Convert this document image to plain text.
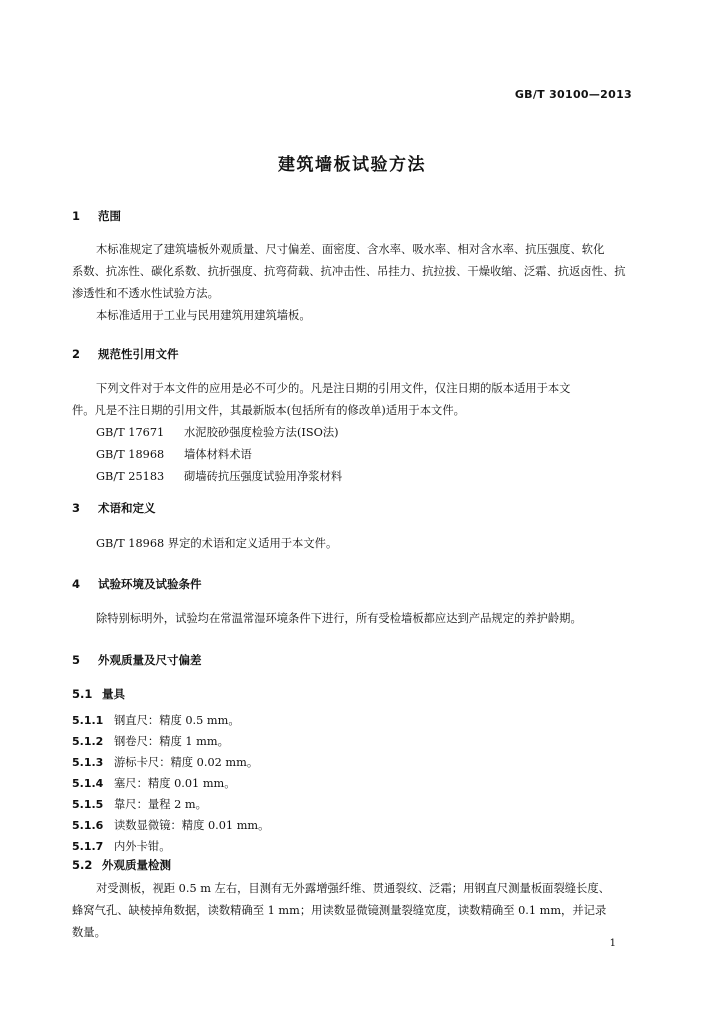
GB/T 30100—2013
建筑墙板试验方法
1 范围
木标准规定了建筑墙板外观质量、尺寸偏差、面密度、含水率、吸水率、相对含水率、抗压强度、软化
系数、抗冻性、碳化系数、抗折强度、抗弯荷载、抗冲击性、吊挂力、抗拉拔、干燥收缩、泛霜、抗返卤性、抗
渗透性和不透水性试验方法。
本标准适用于工业与民用建筑用建筑墙板。
2 规范性引用文件
下列文件对于本文件的应用是必不可少的。凡是注日期的引用文件，仅注日期的版本适用于本文
件。凡是不注日期的引用文件，其最新版本(包括所有的修改单)适用于本文件。
GB/T 17671 水泥胶砂强度检验方法(ISO法)
GB/T 18968 墙体材料术语
GB/T 25183 砌墙砖抗压强度试验用净浆材料
3 术语和定义
GB/T 18968 界定的术语和定义适用于本文件。
4 试验环境及试验条件
除特别标明外，试验均在常温常湿环境条件下进行，所有受检墙板都应达到产品规定的养护龄期。
5 外观质量及尺寸偏差
5.1 量具
5.1.1 钢直尺：精度 0.5 mm。
5.1.2 钢卷尺：精度 1 mm。
5.1.3 游标卡尺：精度 0.02 mm。
5.1.4 塞尺：精度 0.01 mm。
5.1.5 靠尺：量程 2 m。
5.1.6 读数显微镜：精度 0.01 mm。
5.1.7 内外卡钳。
5.2 外观质量检测
对受测板，视距 0.5 m 左右，目测有无外露增强纤维、贯通裂纹、泛霜；用钢直尺测量板面裂缝长度、
蜂窝气孔、缺棱掉角数据，读数精确至 1 mm；用读数显微镜测量裂缝宽度，读数精确至 0.1 mm，并记录
数量。
1
